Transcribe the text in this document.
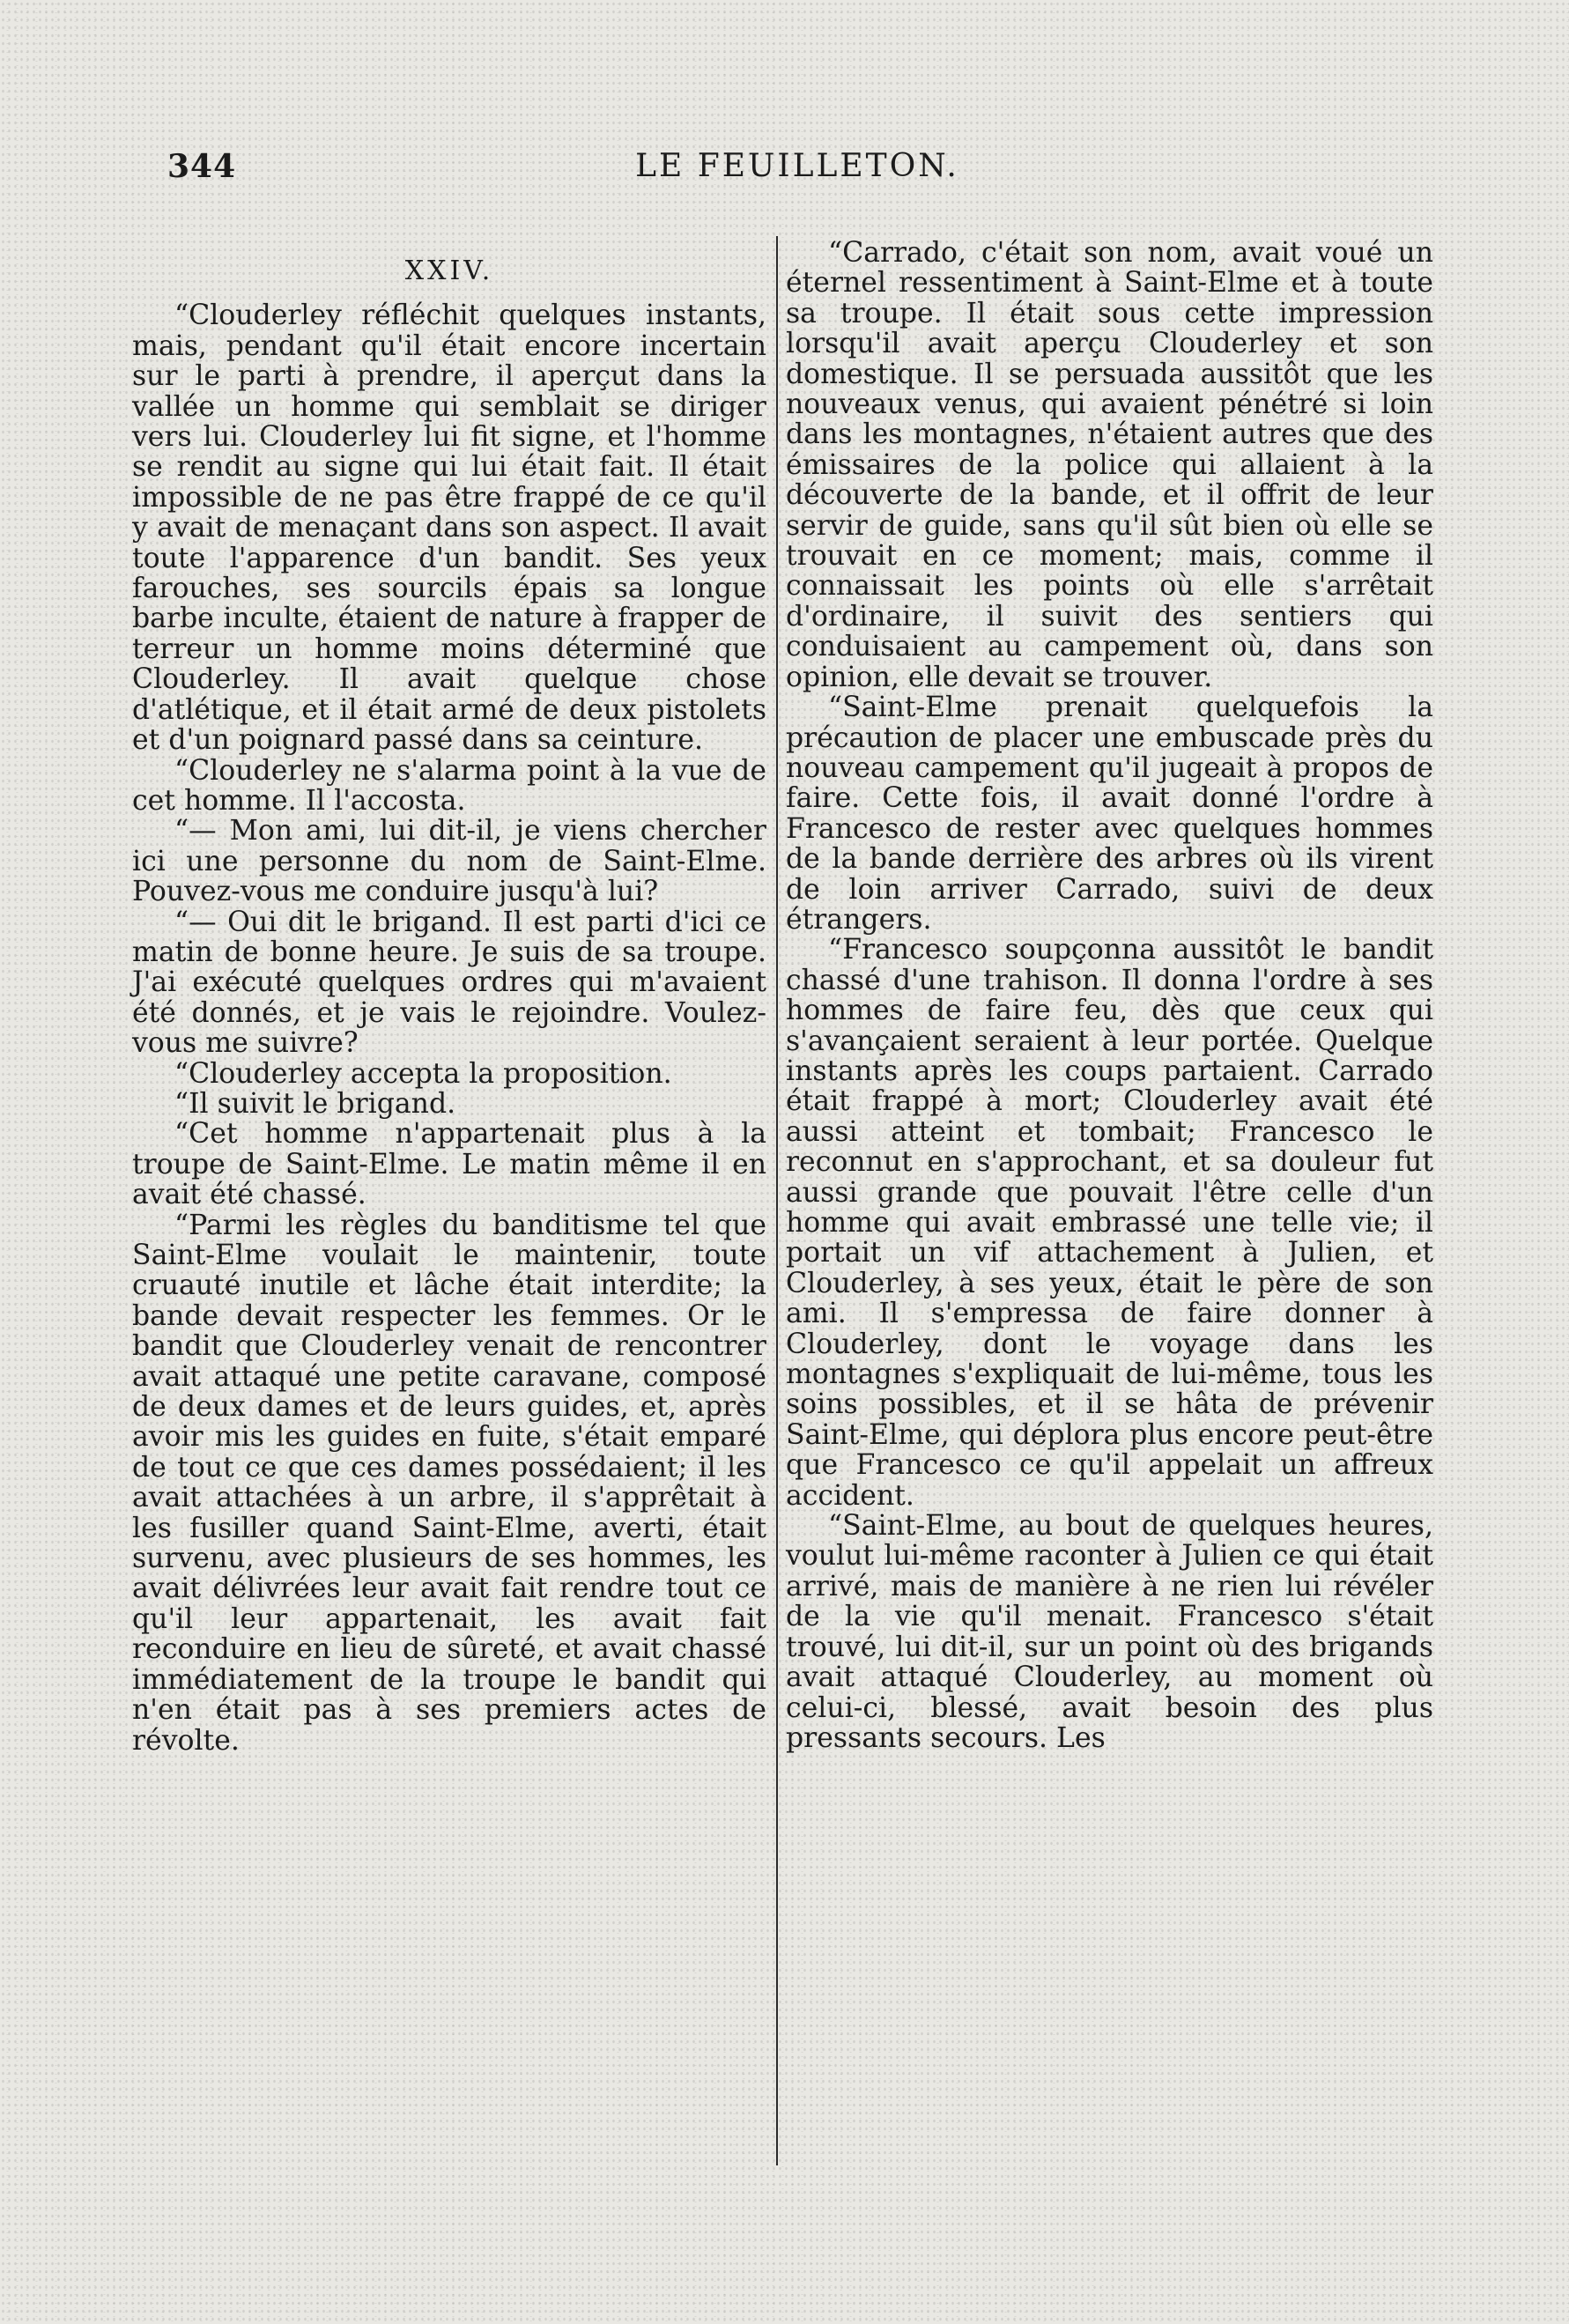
344	LE FEUILLETON.
XXIV.

“Clouderley réfléchit quelques instants, mais, pendant qu'il était encore incertain sur le parti à prendre, il aperçut dans la vallée un homme qui semblait se diriger vers lui. Clouderley lui fit signe, et l'homme se rendit au signe qui lui était fait. Il était impossible de ne pas être frappé de ce qu'il y avait de menaçant dans son aspect. Il avait toute l'apparence d'un bandit. Ses yeux farouches, ses sourcils épais sa longue barbe inculte, étaient de nature à frapper de terreur un homme moins déterminé que Clouderley. Il avait quelque chose d'atlétique, et il était armé de deux pistolets et d'un poignard passé dans sa ceinture.

“Clouderley ne s'alarma point à la vue de cet homme. Il l'accosta.

“— Mon ami, lui dit-il, je viens chercher ici une personne du nom de Saint-Elme. Pouvez-vous me conduire jusqu'à lui?

“— Oui dit le brigand. Il est parti d'ici ce matin de bonne heure. Je suis de sa troupe. J'ai exécuté quelques ordres qui m'avaient été donnés, et je vais le rejoindre. Voulez-vous me suivre?

“Clouderley accepta la proposition.

“Il suivit le brigand.

“Cet homme n'appartenait plus à la troupe de Saint-Elme. Le matin même il en avait été chassé.

“Parmi les règles du banditisme tel que Saint-Elme voulait le maintenir, toute cruauté inutile et lâche était interdite; la bande devait respecter les femmes. Or le bandit que Clouderley venait de rencontrer avait attaqué une petite caravane, composé de deux dames et de leurs guides, et, après avoir mis les guides en fuite, s'était emparé de tout ce que ces dames possédaient; il les avait attachées à un arbre, il s'apprêtait à les fusiller quand Saint-Elme, averti, était survenu, avec plusieurs de ses hommes, les avait délivrées leur avait fait rendre tout ce qu'il leur appartenait, les avait fait reconduire en lieu de sûreté, et avait chassé immédiatement de la troupe le bandit qui n'en était pas à ses premiers actes de révolte.

“Carrado, c'était son nom, avait voué un éternel ressentiment à Saint-Elme et à toute sa troupe. Il était sous cette impression lorsqu'il avait aperçu Clouderley et son domestique. Il se persuada aussitôt que les nouveaux venus, qui avaient pénétré si loin dans les montagnes, n'étaient autres que des émissaires de la police qui allaient à la découverte de la bande, et il offrit de leur servir de guide, sans qu'il sût bien où elle se trouvait en ce moment; mais, comme il connaissait les points où elle s'arrêtait d'ordinaire, il suivit des sentiers qui conduisaient au campement où, dans son opinion, elle devait se trouver.

“Saint-Elme prenait quelquefois la précaution de placer une embuscade près du nouveau campement qu'il jugeait à propos de faire. Cette fois, il avait donné l'ordre à Francesco de rester avec quelques hommes de la bande derrière des arbres où ils virent de loin arriver Carrado, suivi de deux étrangers.

“Francesco soupçonna aussitôt le bandit chassé d'une trahison. Il donna l'ordre à ses hommes de faire feu, dès que ceux qui s'avançaient seraient à leur portée. Quelque instants après les coups partaient. Carrado était frappé à mort; Clouderley avait été aussi atteint et tombait; Francesco le reconnut en s'approchant, et sa douleur fut aussi grande que pouvait l'être celle d'un homme qui avait embrassé une telle vie; il portait un vif attachement à Julien, et Clouderley, à ses yeux, était le père de son ami. Il s'empressa de faire donner à Clouderley, dont le voyage dans les montagnes s'expliquait de lui-même, tous les soins possibles, et il se hâta de prévenir Saint-Elme, qui déplora plus encore peut-être que Francesco ce qu'il appelait un affreux accident.

“Saint-Elme, au bout de quelques heures, voulut lui-même raconter à Julien ce qui était arrivé, mais de manière à ne rien lui révéler de la vie qu'il menait. Francesco s'était trouvé, lui dit-il, sur un point où des brigands avait attaqué Clouderley, au moment où celui-ci, blessé, avait besoin des plus pressants secours. Les
